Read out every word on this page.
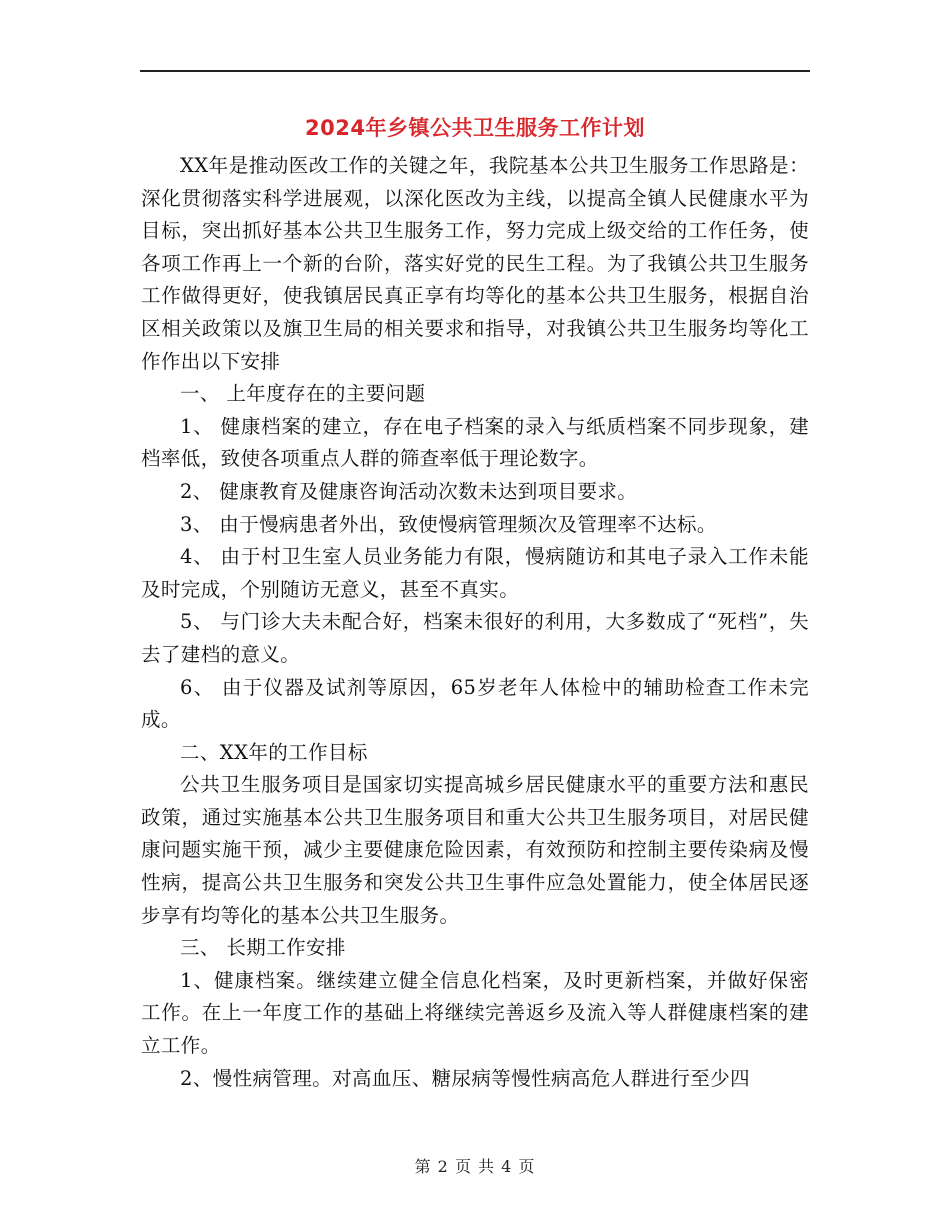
2024年乡镇公共卫生服务工作计划

XX年是推动医改工作的关键之年，我院基本公共卫生服务工作思路是：深化贯彻落实科学进展观，以深化医改为主线，以提高全镇人民健康水平为目标，突出抓好基本公共卫生服务工作，努力完成上级交给的工作任务，使各项工作再上一个新的台阶，落实好党的民生工程。为了我镇公共卫生服务工作做得更好，使我镇居民真正享有均等化的基本公共卫生服务，根据自治区相关政策以及旗卫生局的相关要求和指导，对我镇公共卫生服务均等化工作作出以下安排

一、 上年度存在的主要问题

1、 健康档案的建立，存在电子档案的录入与纸质档案不同步现象，建档率低，致使各项重点人群的筛查率低于理论数字。

2、 健康教育及健康咨询活动次数未达到项目要求。

3、 由于慢病患者外出，致使慢病管理频次及管理率不达标。

4、 由于村卫生室人员业务能力有限，慢病随访和其电子录入工作未能及时完成，个别随访无意义，甚至不真实。

5、 与门诊大夫未配合好，档案未很好的利用，大多数成了“死档”，失去了建档的意义。

6、 由于仪器及试剂等原因，65岁老年人体检中的辅助检查工作未完成。

二、XX年的工作目标

公共卫生服务项目是国家切实提高城乡居民健康水平的重要方法和惠民政策，通过实施基本公共卫生服务项目和重大公共卫生服务项目，对居民健康问题实施干预，减少主要健康危险因素，有效预防和控制主要传染病及慢性病，提高公共卫生服务和突发公共卫生事件应急处置能力，使全体居民逐步享有均等化的基本公共卫生服务。

三、 长期工作安排

1、健康档案。继续建立健全信息化档案，及时更新档案，并做好保密工作。在上一年度工作的基础上将继续完善返乡及流入等人群健康档案的建立工作。

2、慢性病管理。对高血压、糖尿病等慢性病高危人群进行至少四

第 2 页 共 4 页
